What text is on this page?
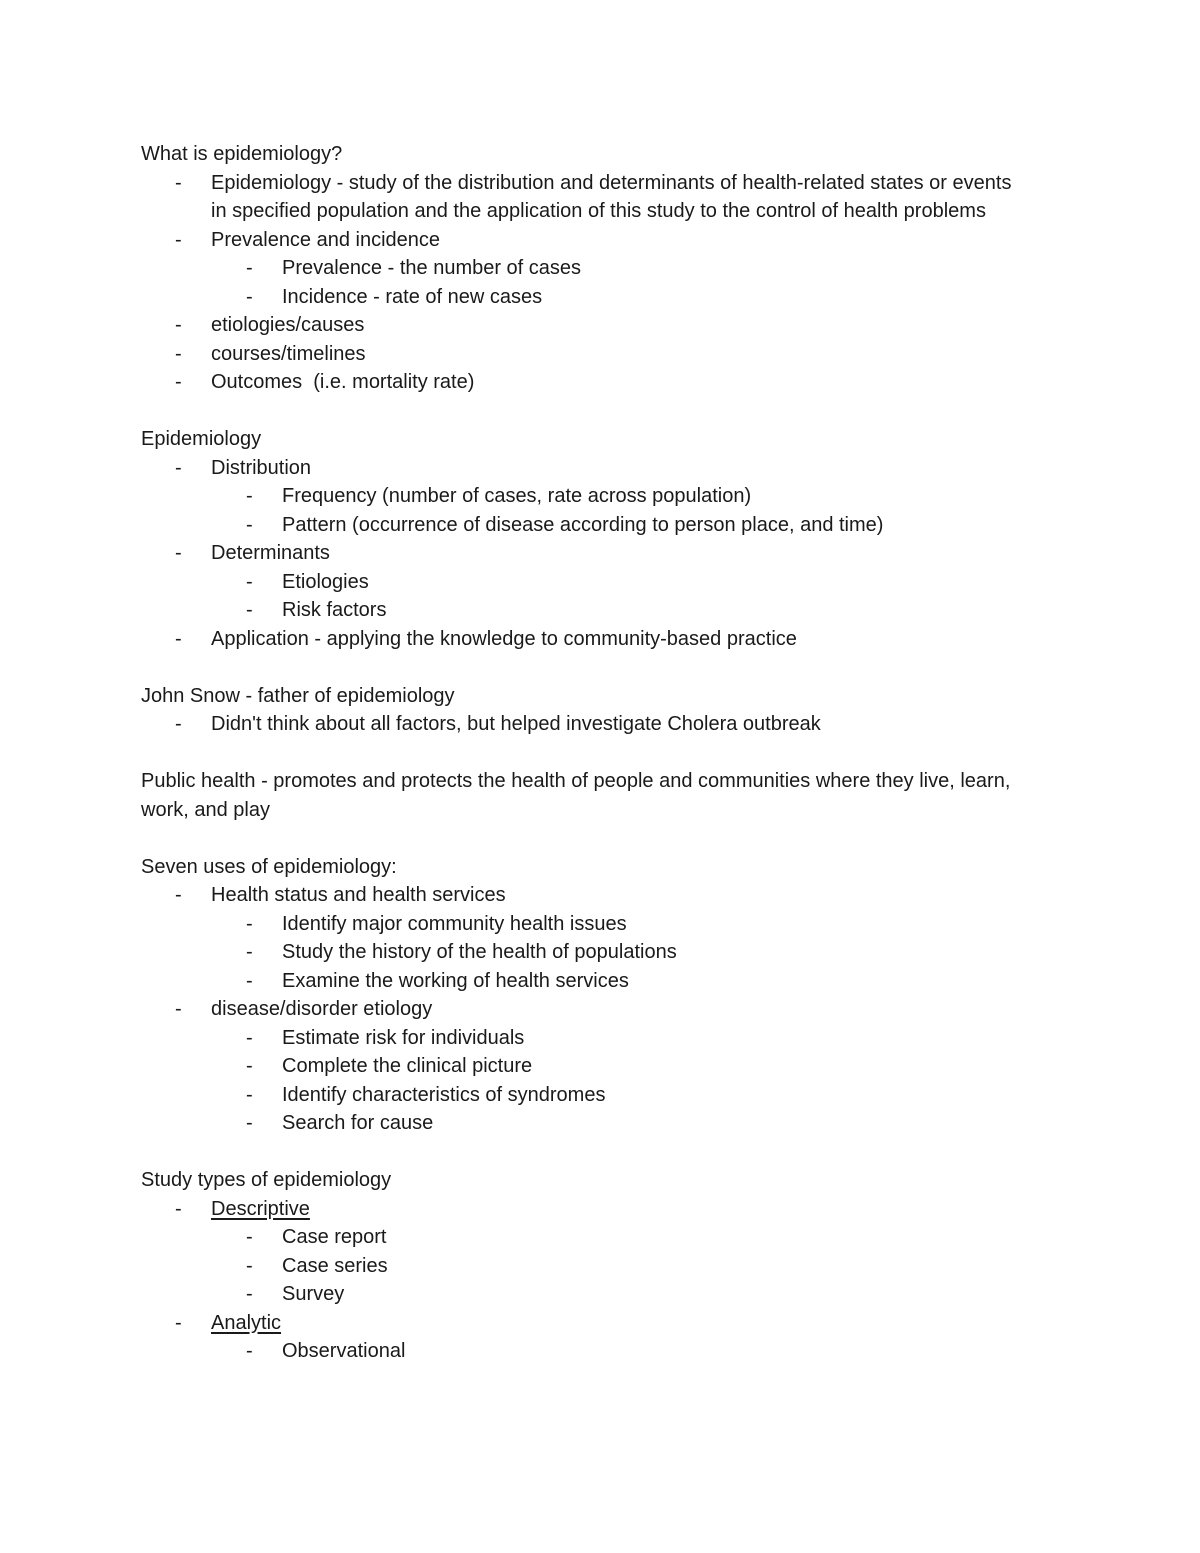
What is epidemiology?
- Epidemiology - study of the distribution and determinants of health-related states or events in specified population and the application of this study to the control of health problems
- Prevalence and incidence
- Prevalence - the number of cases
- Incidence - rate of new cases
- etiologies/causes
- courses/timelines
- Outcomes  (i.e. mortality rate)
Epidemiology
- Distribution
- Frequency (number of cases, rate across population)
- Pattern (occurrence of disease according to person place, and time)
- Determinants
- Etiologies
- Risk factors
- Application - applying the knowledge to community-based practice
John Snow - father of epidemiology
- Didn't think about all factors, but helped investigate Cholera outbreak
Public health - promotes and protects the health of people and communities where they live, learn, work, and play
Seven uses of epidemiology:
- Health status and health services
- Identify major community health issues
- Study the history of the health of populations
- Examine the working of health services
- disease/disorder etiology
- Estimate risk for individuals
- Complete the clinical picture
- Identify characteristics of syndromes
- Search for cause
Study types of epidemiology
- Descriptive
- Case report
- Case series
- Survey
- Analytic
- Observational
